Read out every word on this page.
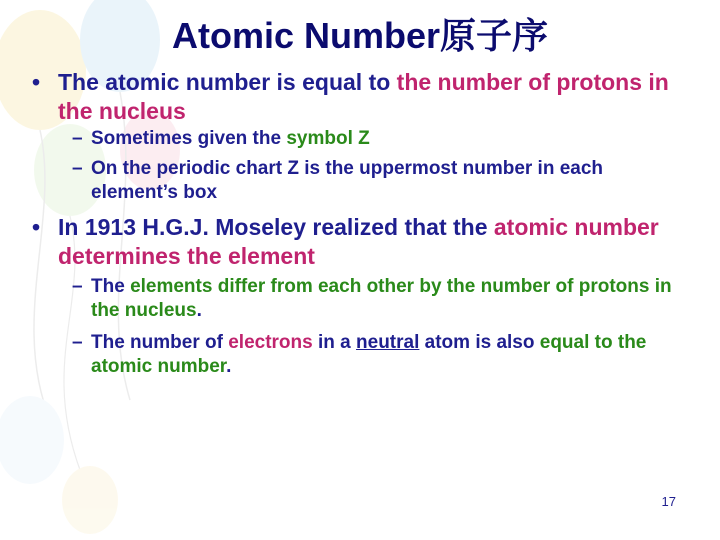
Atomic Number原子序
• The atomic number is equal to the number of protons in the nucleus
– Sometimes given the symbol Z
– On the periodic chart Z is the uppermost number in each element’s box
• In 1913 H.G.J. Moseley realized that the atomic number determines the element
– The elements differ from each other by the number of protons in the nucleus.
– The number of electrons in a neutral atom is also equal to the atomic number.
17
